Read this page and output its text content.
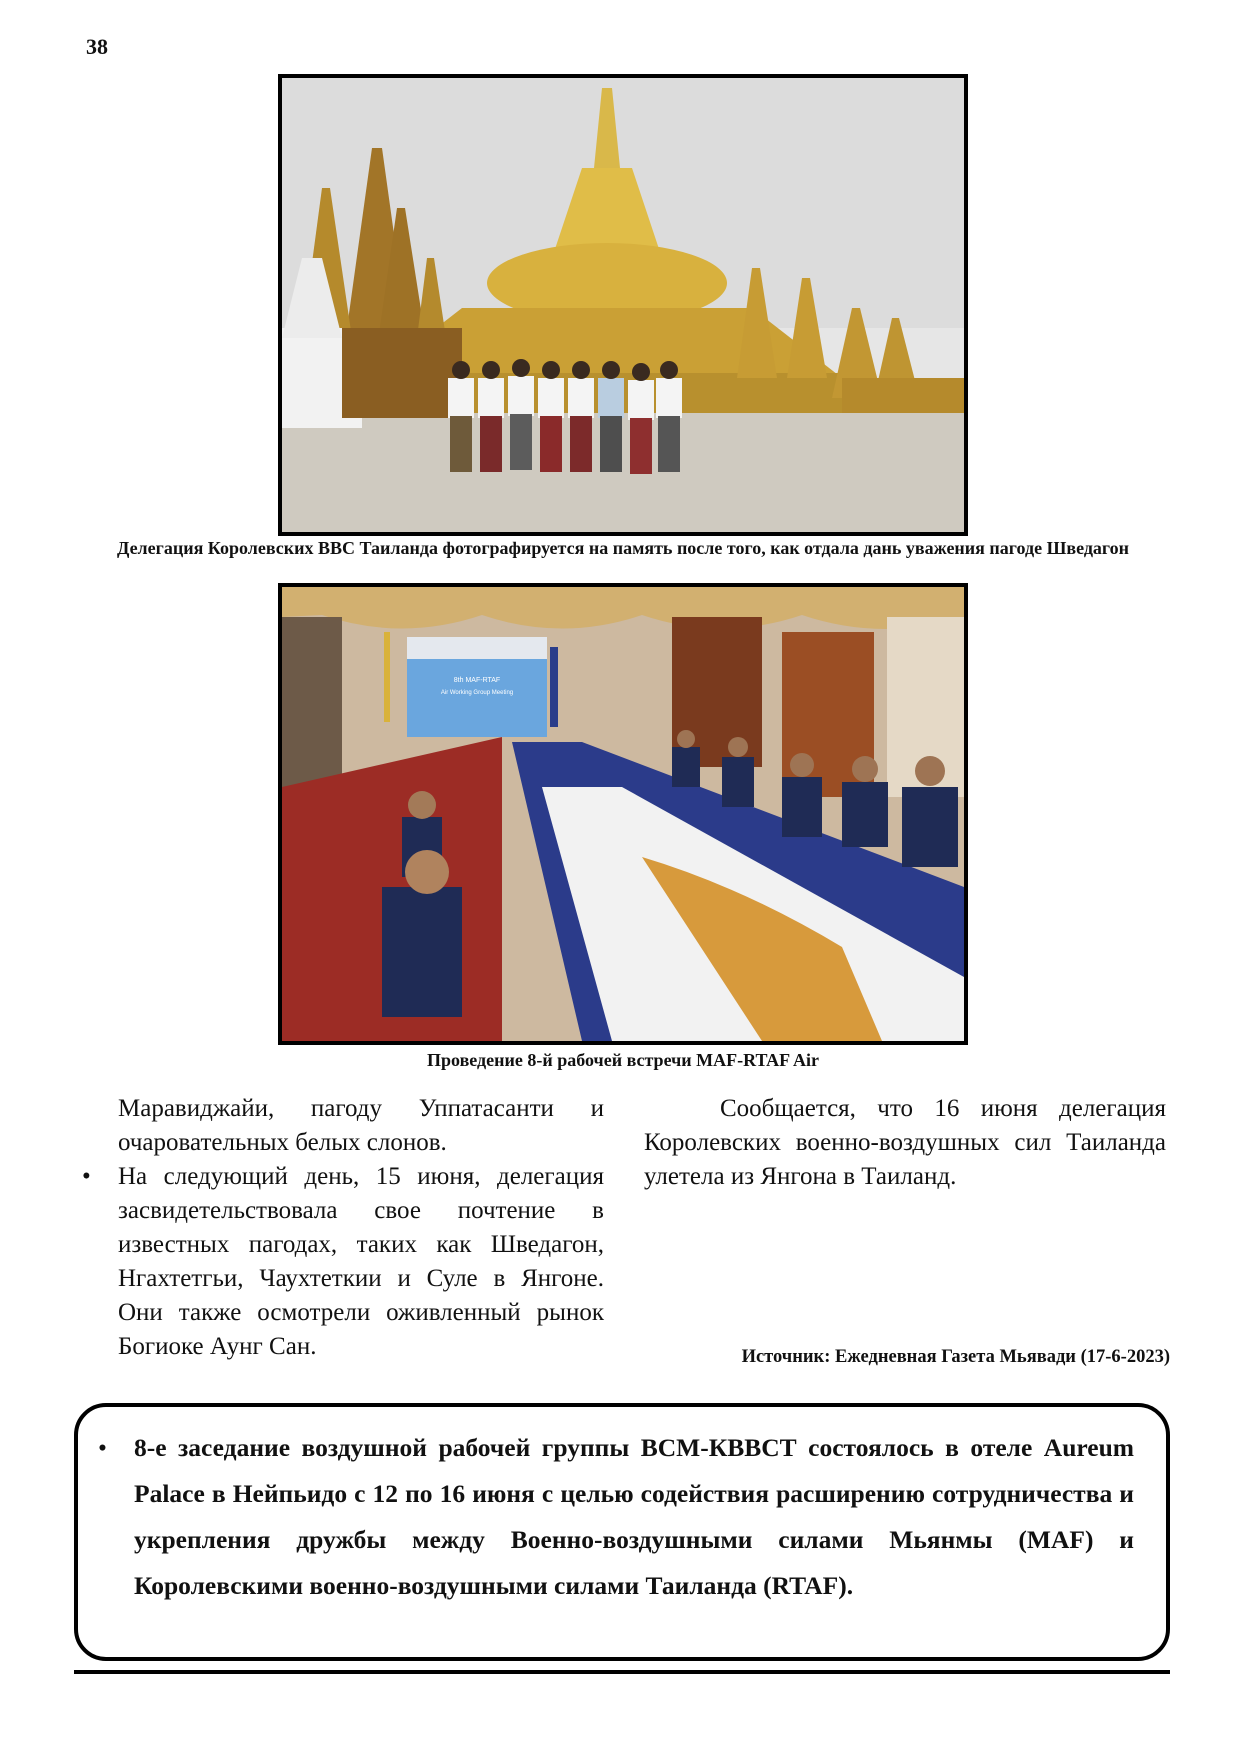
38
Делегация Королевских ВВС Таиланда фотографируется на память после того, как отдала дань уважения пагоде Шведагон
8th MAF-RTAF
Air Working Group Meeting
Проведение 8-й рабочей встречи MAF-RTAF Air

Маравиджайи, пагоду Уппатасанти и очаровательных белых слонов.

• На следующий день, 15 июня, делегация засвидетельствовала свое почтение в известных пагодах, таких как Шведагон, Нгахтетгьи, Чаухтеткии и Суле в Янгоне. Они также осмотрели оживленный рынок Богиоке Аунг Сан.

Сообщается, что 16 июня делегация Королевских военно-воздушных сил Таиланда улетела из Янгона в Таиланд.
Источник: Ежедневная Газета Мьявади (17-6-2023)
• 8-е заседание воздушной рабочей группы ВСМ-КВВСТ состоялось в отеле Aureum Palace в Нейпьидо с 12 по 16 июня с целью содействия расширению сотрудничества и укрепления дружбы между Военно-воздушными силами Мьянмы (MAF) и Королевскими военно-воздушными силами Таиланда (RTAF).
